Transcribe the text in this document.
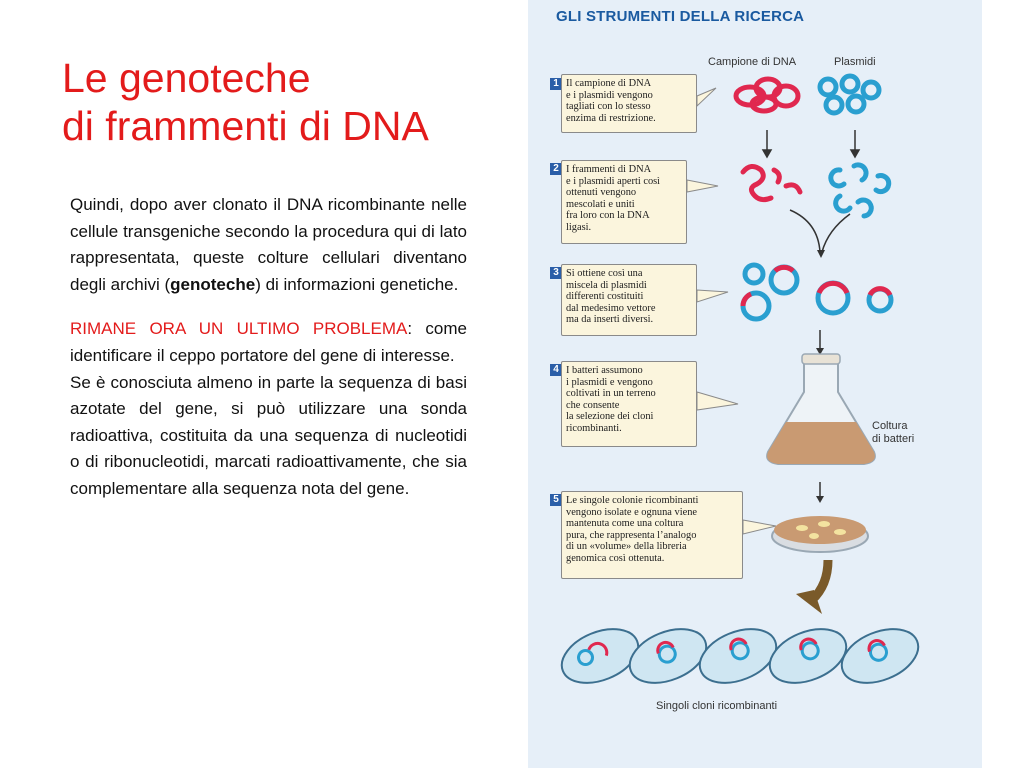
Le genoteche
di frammenti di DNA

Quindi, dopo aver clonato il DNA ricombinante nelle cellule transgeniche secondo la procedura qui di lato rappresentata, queste colture cellulari diventano degli archivi (genoteche) di informazioni genetiche.

RIMANE ORA UN ULTIMO PROBLEMA: come identificare il ceppo portatore del gene di interesse.

Se è conosciuta almeno in parte la sequenza di basi azotate del gene, si può utilizzare una sonda radioattiva, costituita da una sequenza di nucleotidi o di ribonucleotidi, marcati radioattivamente, che sia complementare alla sequenza nota del gene.

GLI STRUMENTI DELLA RICERCA
Campione di DNA	Plasmidi
Coltura
di batteri
Singoli cloni ricombinanti
1 Il campione di DNA
e i plasmidi vengono
tagliati con lo stesso
enzima di restrizione.
2 I frammenti di DNA
e i plasmidi aperti così
ottenuti vengono
mescolati e uniti
fra loro con la DNA
ligasi.
3 Si ottiene così una
miscela di plasmidi
differenti costituiti
dal medesimo vettore
ma da inserti diversi.
4 I batteri assumono
i plasmidi e vengono
coltivati in un terreno
che consente
la selezione dei cloni
ricombinanti.
5 Le singole colonie ricombinanti
vengono isolate e ognuna viene
mantenuta come una coltura
pura, che rappresenta l’analogo
di un «volume» della libreria
genomica così ottenuta.
